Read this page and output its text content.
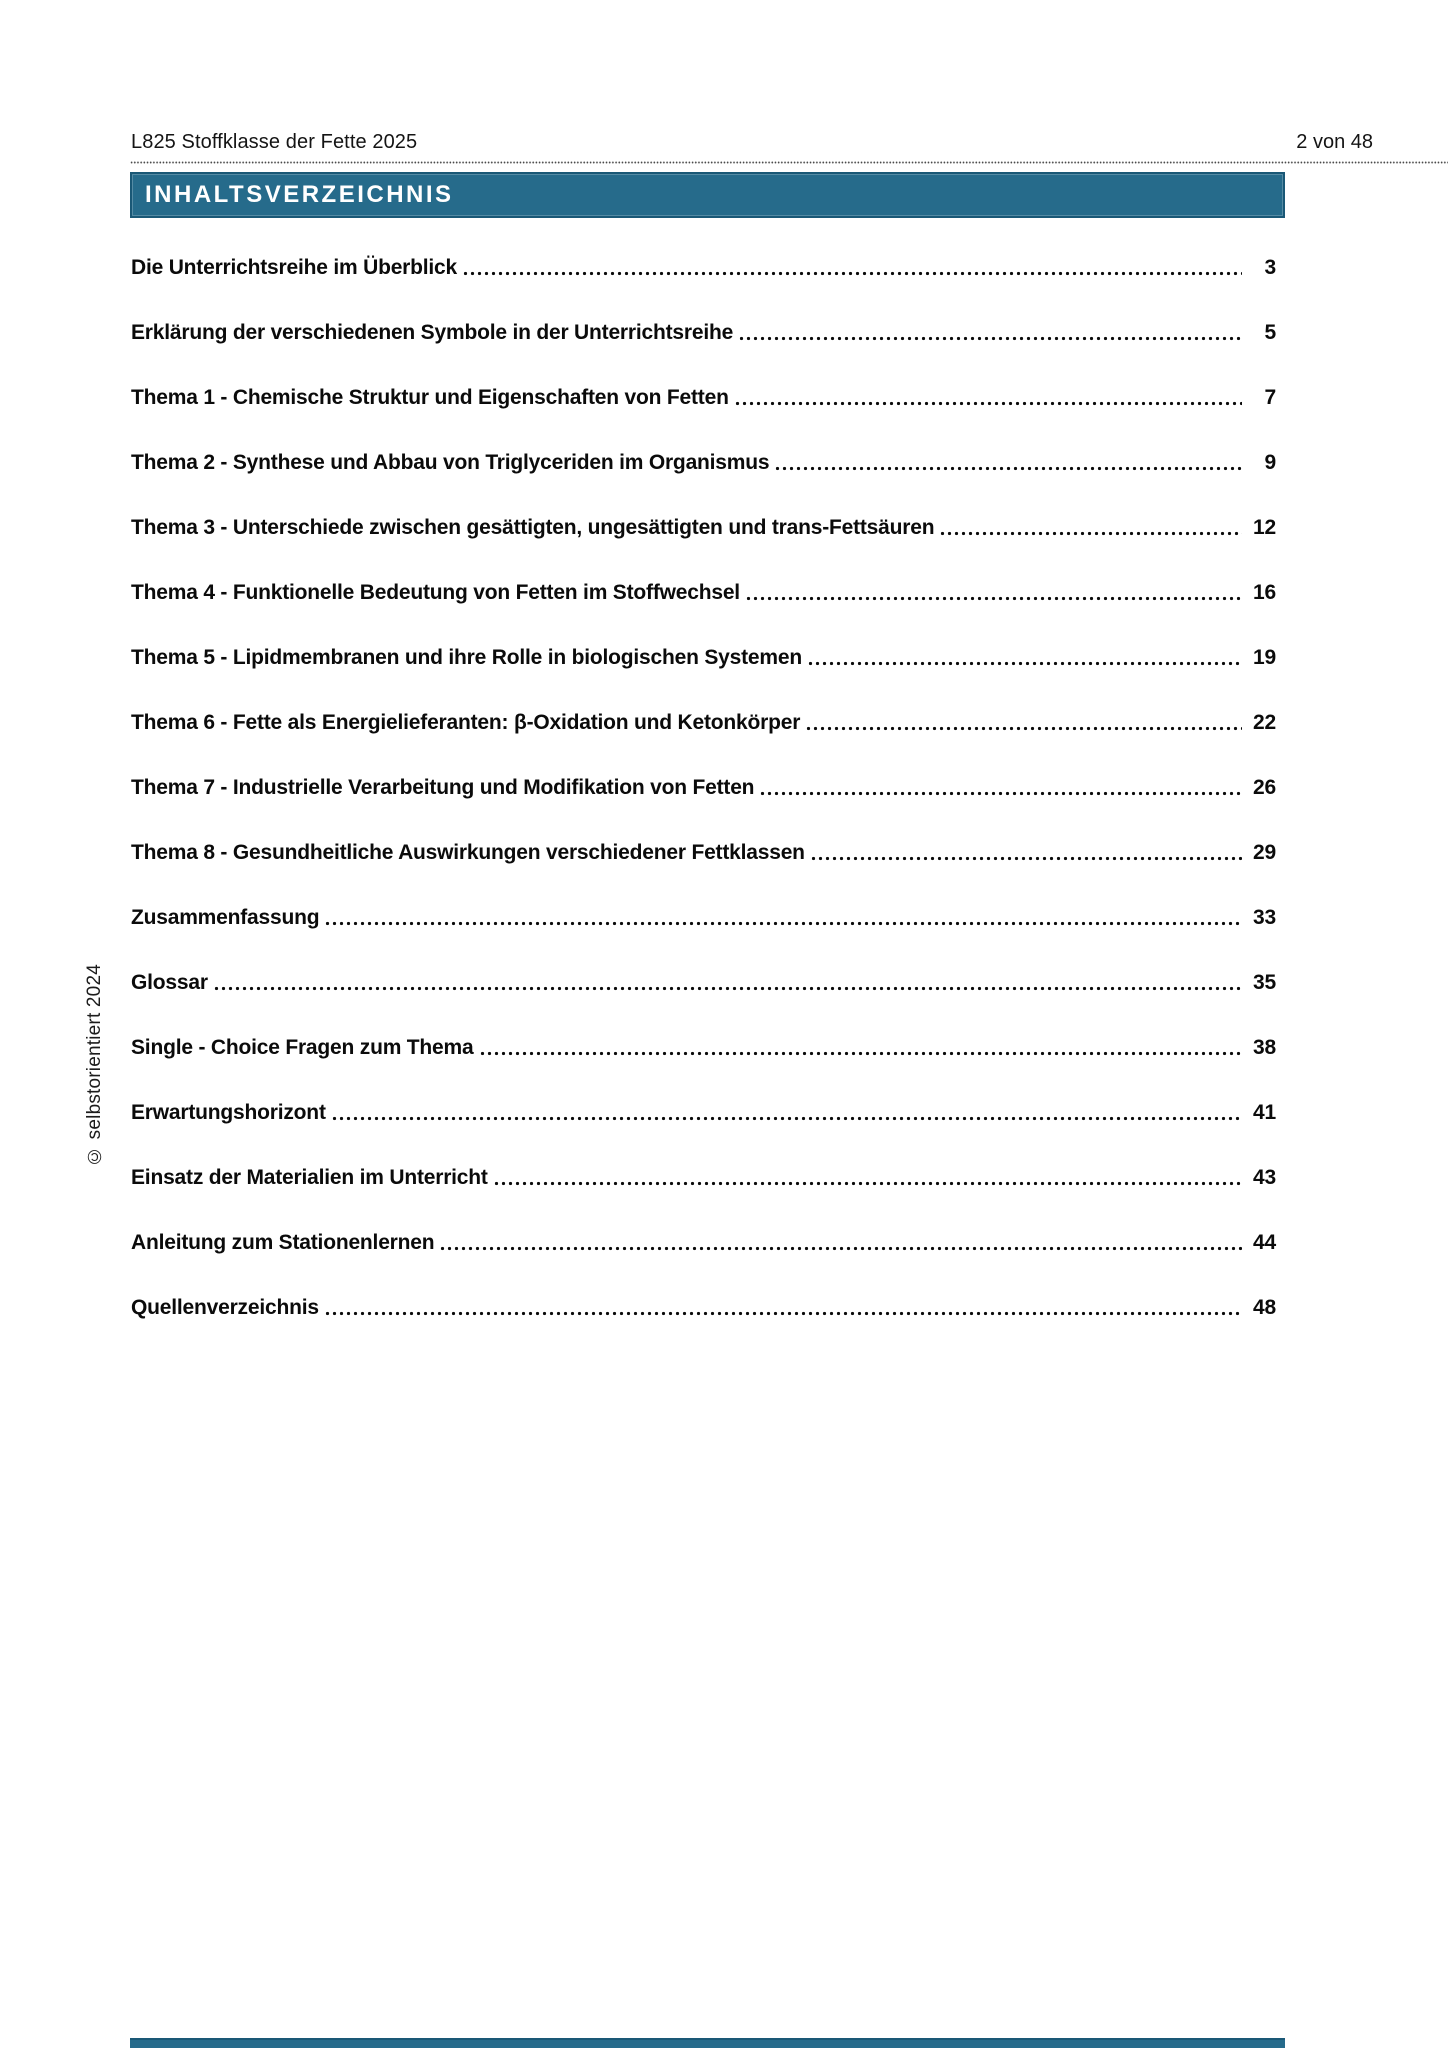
L825 Stoffklasse der Fette 2025	2 von 48
INHALTSVERZEICHNIS
© selbstorientiert 2024
Die Unterrichtsreihe im Überblick	3
Erklärung der verschiedenen Symbole in der Unterrichtsreihe	5
Thema 1 - Chemische Struktur und Eigenschaften von Fetten	7
Thema 2 - Synthese und Abbau von Triglyceriden im Organismus	9
Thema 3 - Unterschiede zwischen gesättigten, ungesättigten und trans-Fettsäuren	12
Thema 4 - Funktionelle Bedeutung von Fetten im Stoffwechsel	16
Thema 5 - Lipidmembranen und ihre Rolle in biologischen Systemen	19
Thema 6 - Fette als Energielieferanten: β-Oxidation und Ketonkörper	22
Thema 7 - Industrielle Verarbeitung und Modifikation von Fetten	26
Thema 8 - Gesundheitliche Auswirkungen verschiedener Fettklassen	29
Zusammenfassung	33
Glossar	35
Single - Choice Fragen zum Thema	38
Erwartungshorizont	41
Einsatz der Materialien im Unterricht	43
Anleitung zum Stationenlernen	44
Quellenverzeichnis	48
